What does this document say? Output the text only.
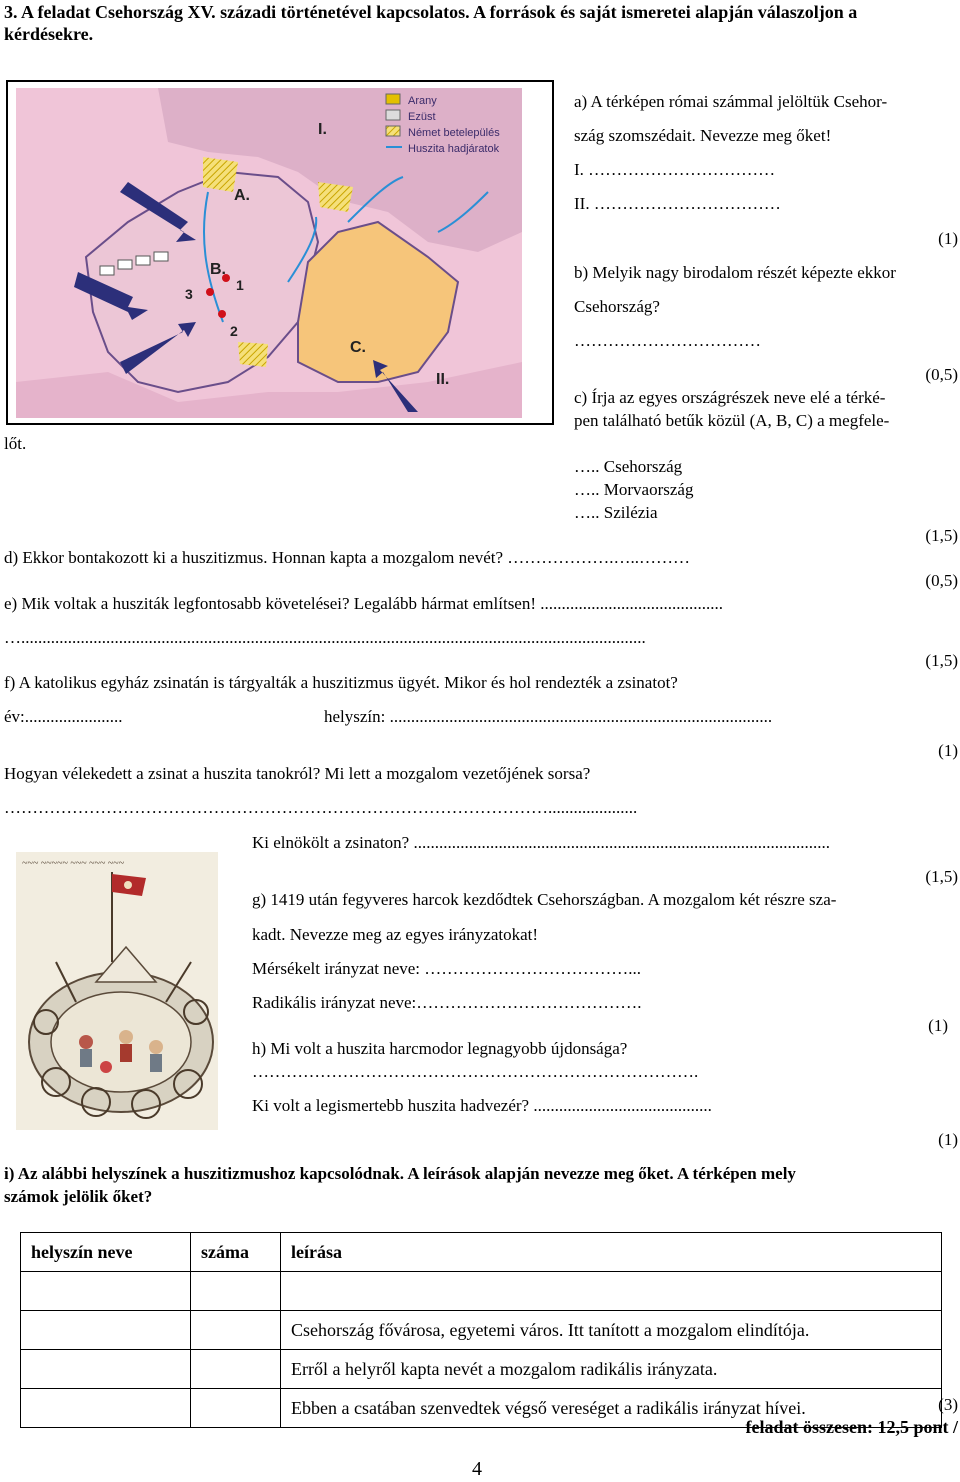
3. A feladat Csehország XV. századi történetével kapcsolatos. A források és saját ismeretei alapján válaszoljon a
kérdésekre.
Arany
Ezüst
Német betelepülés
Huszita hadjáratok
I.
A.
B.
1
3
2
C.
II.
a) A térképen római számmal jelöltük Csehor-
szág szomszédait. Nevezze meg őket!
I. ……………………………
II. ……………………………
(1)
b) Melyik nagy birodalom részét képezte ekkor
Csehország?
……………………………
(0,5)
c) Írja az egyes országrészek neve elé a térké-
pen található betűk közül (A, B, C) a megfele-
lőt.
….. Csehország
….. Morvaország
….. Szilézia
(1,5)
d) Ekkor bontakozott ki a huszitizmus. Honnan kapta a mozgalom nevét? ……………….…..………
(0,5)
e) Mik voltak a husziták legfontosabb követelései? Legalább hármat említsen! ...........................................
…...................................................................................................................................................
(1,5)
f) A katolikus egyház zsinatán is tárgyalták a huszitizmus ügyét. Mikor és hol rendezték a zsinatot?
év:.......................	helyszín: ..........................................................................................
(1)
Hogyan vélekedett a zsinat a huszita tanokról? Mi lett a mozgalom vezetőjének sorsa?
…………………………………………………………………………………….....................
Ki elnökölt a zsinaton? ..................................................................................................
(1,5)
~~~ ~~~~~ ~~~ ~~~ ~~~
g) 1419 után fegyveres harcok kezdődtek Csehországban. A mozgalom két részre sza-
kadt. Nevezze meg az egyes irányzatokat!
Mérsékelt irányzat neve: ………………………………...
Radikális irányzat neve:………………………………….
(1)
h) Mi volt a huszita harcmodor legnagyobb újdonsága?
…………………………………………………………………….
Ki volt a legismertebb huszita hadvezér? ..........................................
(1)
i) Az alábbi helyszínek a huszitizmushoz kapcsolódnak. A leírások alapján nevezze meg őket. A térképen mely
számok jelölik őket?
helyszín neve	száma	leírása

		Csehország fővárosa, egyetemi város. Itt tanított a mozgalom elindítója.
		Erről a helyről kapta nevét a mozgalom radikális irányzata.
		Ebben a csatában szenvedtek végső vereséget a radikális irányzat hívei.	(3)
feladat összesen: 12,5 pont /
4
